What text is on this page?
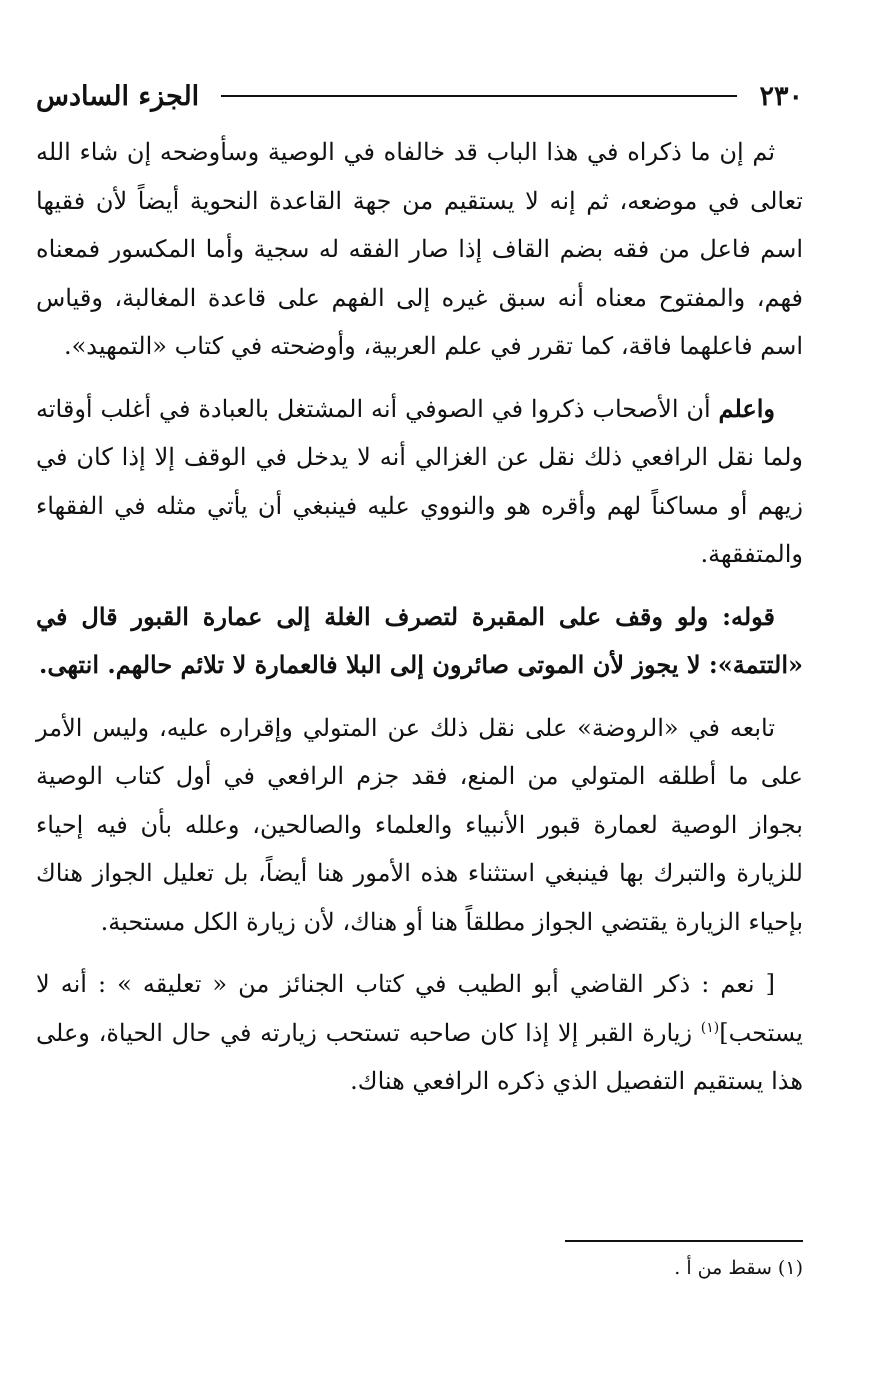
٢٣٠
الجزء السادس

ثم إن ما ذكراه في هذا الباب قد خالفاه في الوصية وسأوضحه إن شاء الله تعالى في موضعه، ثم إنه لا يستقيم من جهة القاعدة النحوية أيضاً لأن فقيها اسم فاعل من فقه بضم القاف إذا صار الفقه له سجية وأما المكسور فمعناه فهم، والمفتوح معناه أنه سبق غيره إلى الفهم على قاعدة المغالبة، وقياس اسم فاعلهما فاقة، كما تقرر في علم العربية، وأوضحته في كتاب «التمهيد».

واعلم أن الأصحاب ذكروا في الصوفي أنه المشتغل بالعبادة في أغلب أوقاته ولما نقل الرافعي ذلك نقل عن الغزالي أنه لا يدخل في الوقف إلا إذا كان في زيهم أو مساكناً لهم وأقره هو والنووي عليه فينبغي أن يأتي مثله في الفقهاء والمتفقهة.

قوله: ولو وقف على المقبرة لتصرف الغلة إلى عمارة القبور قال في «التتمة»: لا يجوز لأن الموتى صائرون إلى البلا فالعمارة لا تلائم حالهم. انتهى.

تابعه في «الروضة» على نقل ذلك عن المتولي وإقراره عليه، وليس الأمر على ما أطلقه المتولي من المنع، فقد جزم الرافعي في أول كتاب الوصية بجواز الوصية لعمارة قبور الأنبياء والعلماء والصالحين، وعلله بأن فيه إحياء للزيارة والتبرك بها فينبغي استثناء هذه الأمور هنا أيضاً، بل تعليل الجواز هناك بإحياء الزيارة يقتضي الجواز مطلقاً هنا أو هناك، لأن زيارة الكل مستحبة.

[ نعم : ذكر القاضي أبو الطيب في كتاب الجنائز من « تعليقه » : أنه لا يستحب]$^{(١)}$ زيارة القبر إلا إذا كان صاحبه تستحب زيارته في حال الحياة، وعلى هذا يستقيم التفصيل الذي ذكره الرافعي هناك.

(١) سقط من أ .
